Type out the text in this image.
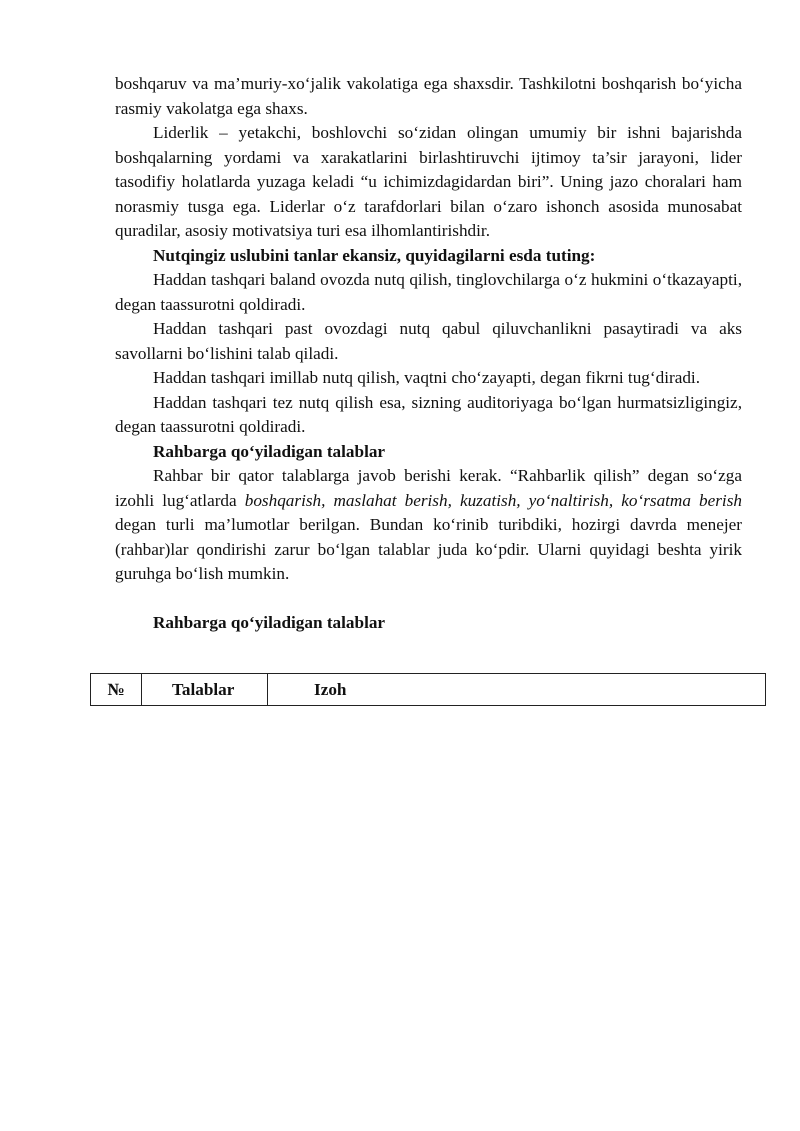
boshqaruv va ma’muriy-xo‘jalik vakolatiga ega shaxsdir. Tashkilotni boshqarish bo‘yicha rasmiy vakolatga ega shaxs.

Liderlik – yetakchi, boshlovchi so‘zidan olingan umumiy bir ishni bajarishda boshqalarning yordami va xarakatlarini birlashtiruvchi ijtimoy ta’sir jarayoni, lider tasodifiy holatlarda yuzaga keladi “u ichimizdagidardan biri”. Uning jazo choralari ham norasmiy tusga ega. Liderlar o‘z tarafdorlari bilan o‘zaro ishonch asosida munosabat quradilar, asosiy motivatsiya turi esa ilhomlantirishdir.

Nutqingiz uslubini tanlar ekansiz, quyidagilarni esda tuting:

Haddan tashqari baland ovozda nutq qilish, tinglovchilarga o‘z hukmini o‘tkazayapti, degan taassurotni qoldiradi.

Haddan tashqari past ovozdagi nutq qabul qiluvchanlikni pasaytiradi va aks savollarni bo‘lishini talab qiladi.

Haddan tashqari imillab nutq qilish, vaqtni cho‘zayapti, degan fikrni tug‘diradi.

Haddan tashqari tez nutq qilish esa, sizning auditoriyaga bo‘lgan hurmatsizligingiz, degan taassurotni qoldiradi.

Rahbarga qo‘yiladigan talablar

Rahbar bir qator talablarga javob berishi kerak. “Rahbarlik qilish” degan so‘zga izohli lug‘atlarda boshqarish, maslahat berish, kuzatish, yo‘naltirish, ko‘rsatma berish degan turli ma’lumotlar berilgan. Bundan ko‘rinib turibdiki, hozirgi davrda menejer (rahbar)lar qondirishi zarur bo‘lgan talablar juda ko‘pdir. Ularni quyidagi beshta yirik guruhga bo‘lish mumkin.

Rahbarga qo‘yiladigan talablar

№	Talablar	Izoh
